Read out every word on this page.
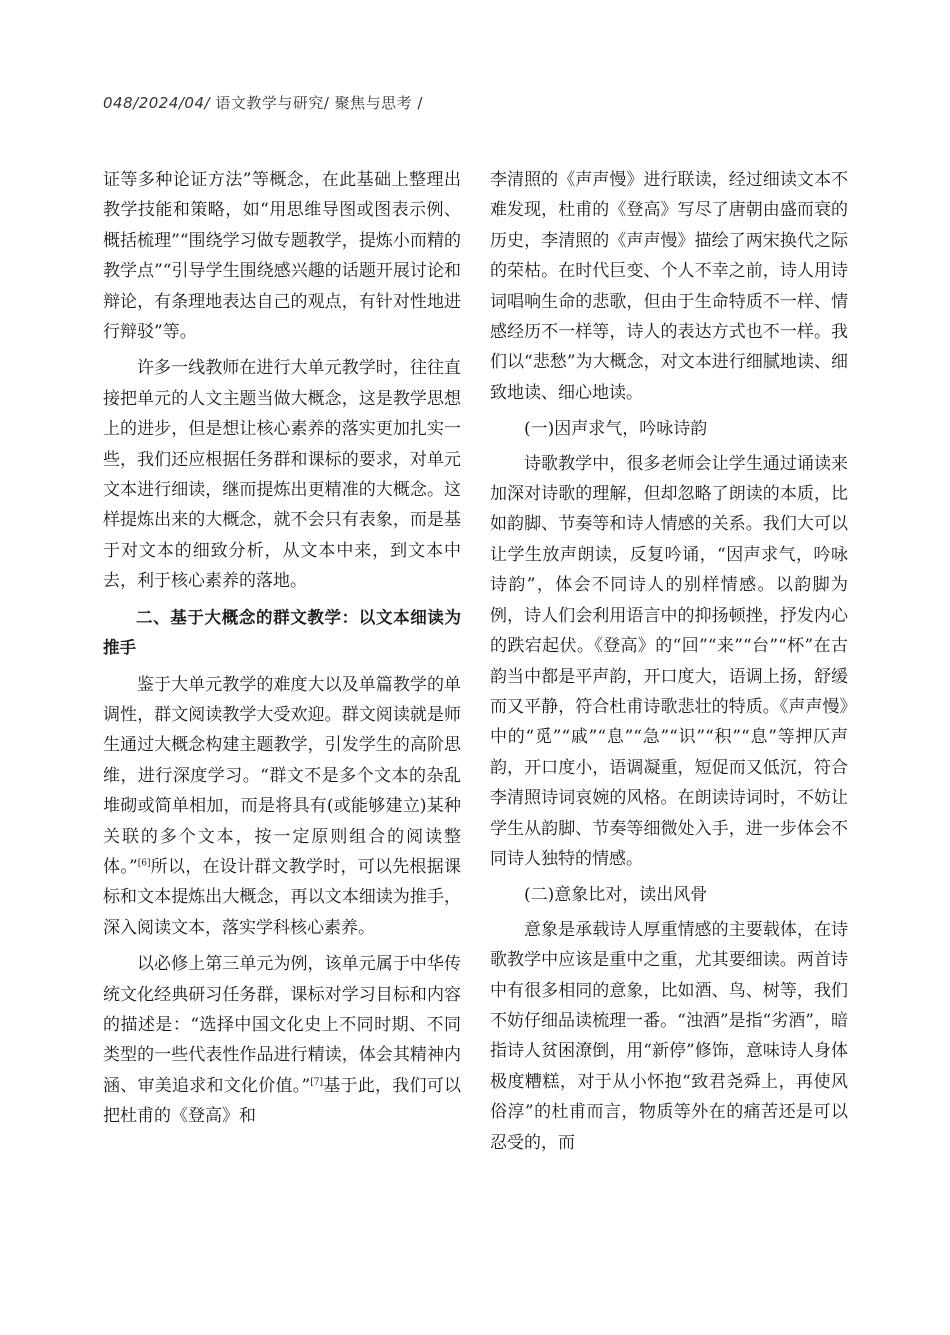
048/2024/04/ 语文教学与研究/ 聚焦与思考 /

证等多种论证方法”等概念，在此基础上整理出教学技能和策略，如“用思维导图或图表示例、概括梳理”“围绕学习做专题教学，提炼小而精的教学点”“引导学生围绕感兴趣的话题开展讨论和辩论，有条理地表达自己的观点，有针对性地进行辩驳”等。

许多一线教师在进行大单元教学时，往往直接把单元的人文主题当做大概念，这是教学思想上的进步，但是想让核心素养的落实更加扎实一些，我们还应根据任务群和课标的要求，对单元文本进行细读，继而提炼出更精准的大概念。这样提炼出来的大概念，就不会只有表象，而是基于对文本的细致分析，从文本中来，到文本中去，利于核心素养的落地。

二、基于大概念的群文教学：以文本细读为推手

鉴于大单元教学的难度大以及单篇教学的单调性，群文阅读教学大受欢迎。群文阅读就是师生通过大概念构建主题教学，引发学生的高阶思维，进行深度学习。“群文不是多个文本的杂乱堆砌或简单相加，而是将具有(或能够建立)某种关联的多个文本，按一定原则组合的阅读整体。”[6]所以，在设计群文教学时，可以先根据课标和文本提炼出大概念，再以文本细读为推手，深入阅读文本，落实学科核心素养。

以必修上第三单元为例，该单元属于中华传统文化经典研习任务群，课标对学习目标和内容的描述是：“选择中国文化史上不同时期、不同类型的一些代表性作品进行精读，体会其精神内涵、审美追求和文化价值。”[7]基于此，我们可以把杜甫的《登高》和

李清照的《声声慢》进行联读，经过细读文本不难发现，杜甫的《登高》写尽了唐朝由盛而衰的历史，李清照的《声声慢》描绘了两宋换代之际的荣枯。在时代巨变、个人不幸之前，诗人用诗词唱响生命的悲歌，但由于生命特质不一样、情感经历不一样等，诗人的表达方式也不一样。我们以“悲愁”为大概念，对文本进行细腻地读、细致地读、细心地读。

(一)因声求气，吟咏诗韵

诗歌教学中，很多老师会让学生通过诵读来加深对诗歌的理解，但却忽略了朗读的本质，比如韵脚、节奏等和诗人情感的关系。我们大可以让学生放声朗读，反复吟诵，“因声求气，吟咏诗韵”，体会不同诗人的别样情感。以韵脚为例，诗人们会利用语言中的抑扬顿挫，抒发内心的跌宕起伏。《登高》的“回”“来”“台”“杯”在古韵当中都是平声韵，开口度大，语调上扬，舒缓而又平静，符合杜甫诗歌悲壮的特质。《声声慢》中的“觅”“戚”“息”“急”“识”“积”“息”等押仄声韵，开口度小，语调凝重，短促而又低沉，符合李清照诗词哀婉的风格。在朗读诗词时，不妨让学生从韵脚、节奏等细微处入手，进一步体会不同诗人独特的情感。

(二)意象比对，读出风骨

意象是承载诗人厚重情感的主要载体，在诗歌教学中应该是重中之重，尤其要细读。两首诗中有很多相同的意象，比如酒、鸟、树等，我们不妨仔细品读梳理一番。“浊酒”是指“劣酒”，暗指诗人贫困潦倒，用“新停”修饰，意味诗人身体极度糟糕，对于从小怀抱“致君尧舜上，再使风俗淳”的杜甫而言，物质等外在的痛苦还是可以忍受的，而
